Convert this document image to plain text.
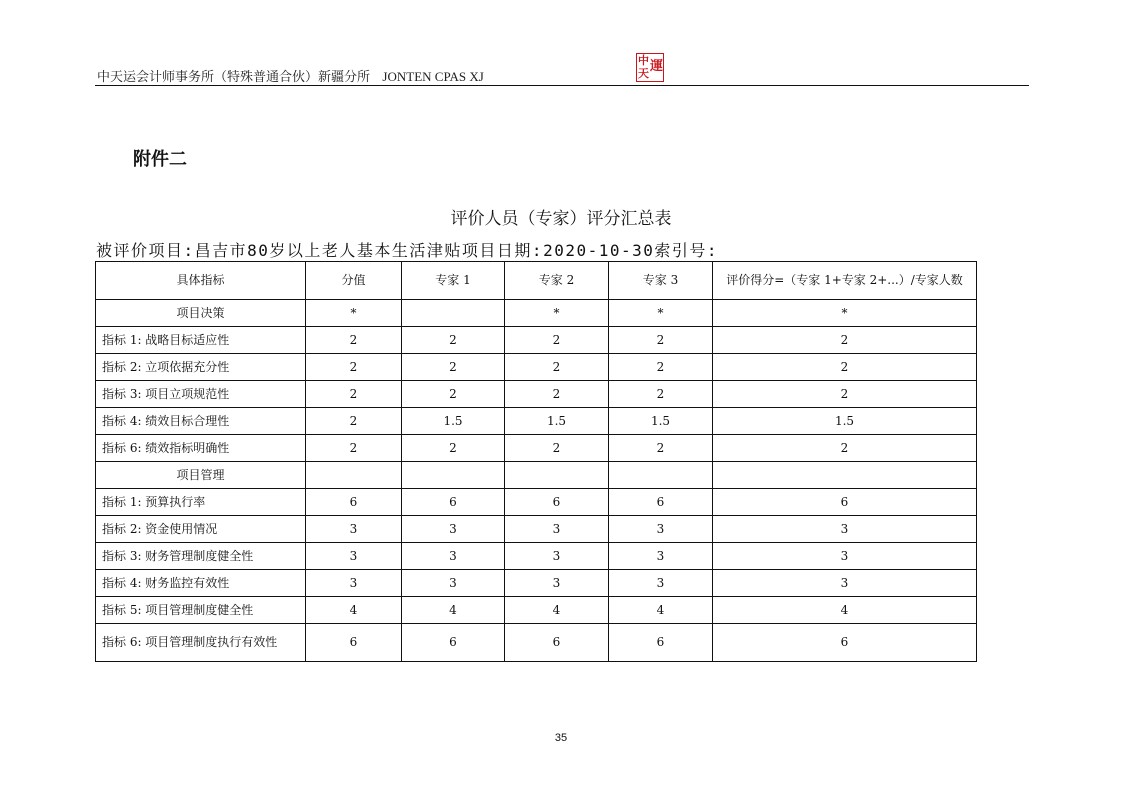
中天运会计师事务所（特殊普通合伙）新疆分所 JONTEN CPAS XJ
中
天 運
附件二
评价人员（专家）评分汇总表
被评价项目:昌吉市80岁以上老人基本生活津贴项目日期:2020-10-30索引号:
具体指标	分值	专家 1	专家 2	专家 3	评价得分=（专家 1+专家 2+...）/专家人数
项目决策	*		*	*	*
指标 1: 战略目标适应性	2	2	2	2	2
指标 2: 立项依据充分性	2	2	2	2	2
指标 3: 项目立项规范性	2	2	2	2	2
指标 4: 绩效目标合理性	2	1.5	1.5	1.5	1.5
指标 6: 绩效指标明确性	2	2	2	2	2
项目管理					
指标 1: 预算执行率	6	6	6	6	6
指标 2: 资金使用情况	3	3	3	3	3
指标 3: 财务管理制度健全性	3	3	3	3	3
指标 4: 财务监控有效性	3	3	3	3	3
指标 5: 项目管理制度健全性	4	4	4	4	4
指标 6: 项目管理制度执行有效性	6	6	6	6	6
35
